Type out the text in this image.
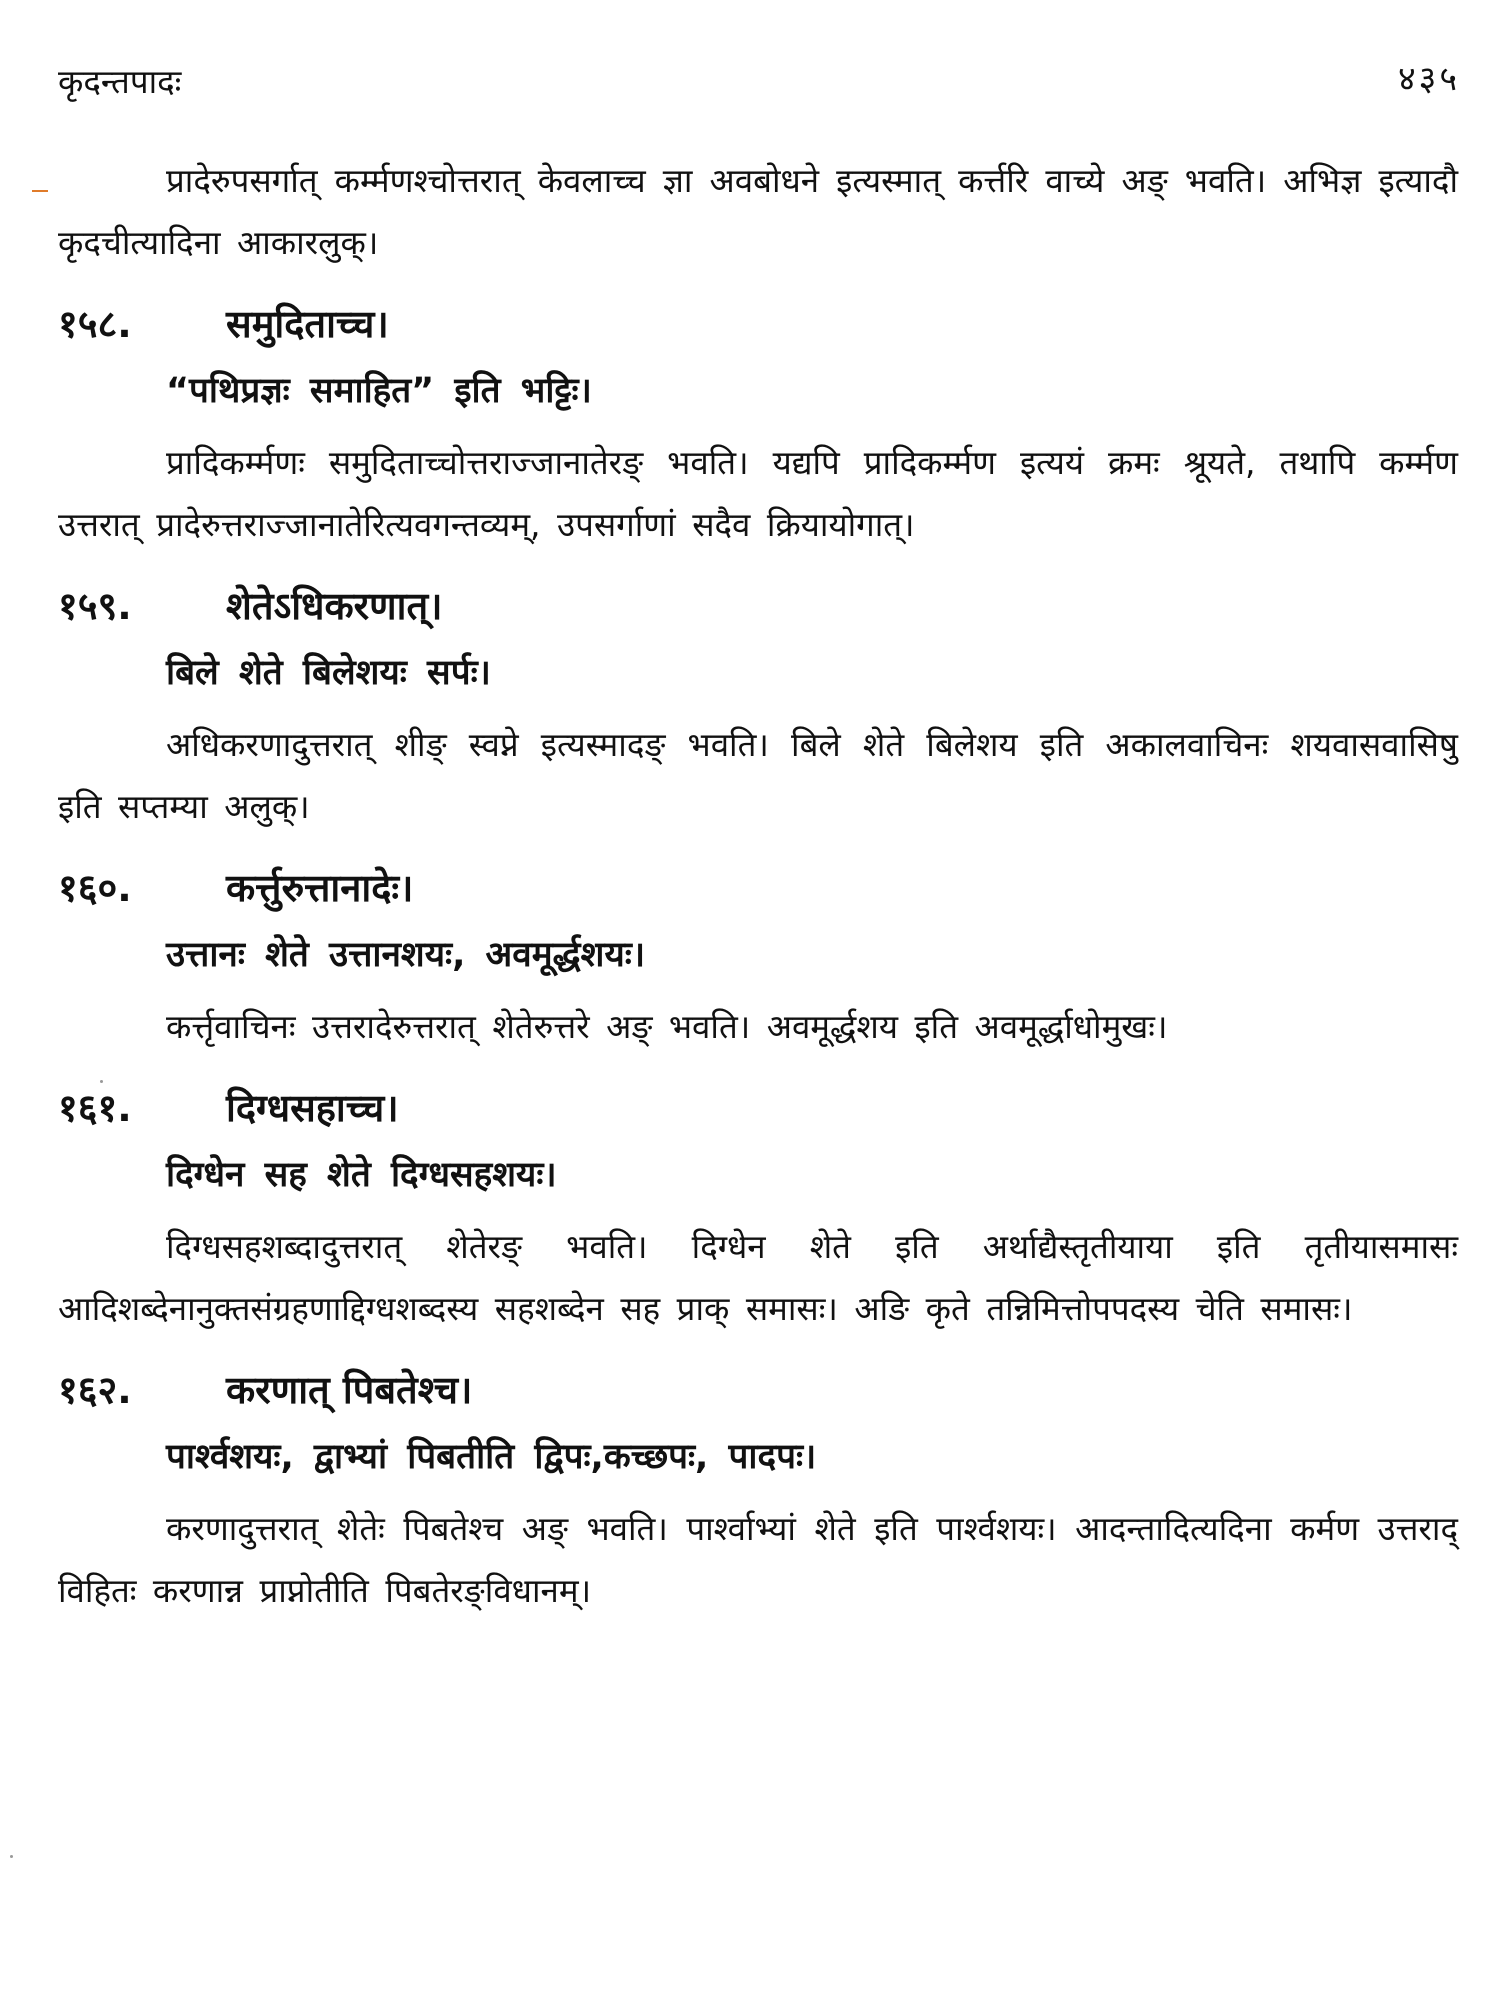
कृदन्तपादः	४३५

प्रादेरुपसर्गात् कर्म्मणश्चोत्तरात् केवलाच्च ज्ञा अवबोधने इत्यस्मात् कर्त्तरि वाच्ये अङ् भवति। अभिज्ञ इत्यादौ कृदचीत्यादिना आकारलुक्।

१५८. समुदिताच्च।
“पथिप्रज्ञः समाहित” इति भट्टिः।

प्रादिकर्म्मणः समुदिताच्चोत्तराज्जानातेरङ् भवति। यद्यपि प्रादिकर्म्मण इत्ययं क्रमः श्रूयते, तथापि कर्म्मण उत्तरात् प्रादेरुत्तराज्जानातेरित्यवगन्तव्यम्, उपसर्गाणां सदैव क्रियायोगात्।

१५९. शेतेऽधिकरणात्।
बिले शेते बिलेशयः सर्पः।

अधिकरणादुत्तरात् शीङ् स्वप्ने इत्यस्मादङ् भवति। बिले शेते बिलेशय इति अकालवाचिनः शयवासवासिषु इति सप्तम्या अलुक्।

१६०. कर्त्तुरुत्तानादेः।
उत्तानः शेते उत्तानशयः, अवमूर्द्धशयः।

कर्त्तृवाचिनः उत्तरादेरुत्तरात् शेतेरुत्तरे अङ् भवति। अवमूर्द्धशय इति अवमूर्द्धाधोमुखः।

१६१. दिग्धसहाच्च।
दिग्धेन सह शेते दिग्धसहशयः।

दिग्धसहशब्दादुत्तरात् शेतेरङ् भवति। दिग्धेन शेते इति अर्थाद्यैस्तृतीयाया इति तृतीयासमासः आदिशब्देनानुक्तसंग्रहणाद्दिग्धशब्दस्य सहशब्देन सह प्राक् समासः। अङि कृते तन्निमित्तोपपदस्य चेति समासः।

१६२. करणात् पिबतेश्च।
पार्श्वशयः, द्वाभ्यां पिबतीति द्विपः,कच्छपः, पादपः।

करणादुत्तरात् शेतेः पिबतेश्च अङ् भवति। पार्श्वाभ्यां शेते इति पार्श्वशयः। आदन्तादित्यदिना कर्मण उत्तराद् विहितः करणान्न प्राप्नोतीति पिबतेरङ्विधानम्।
